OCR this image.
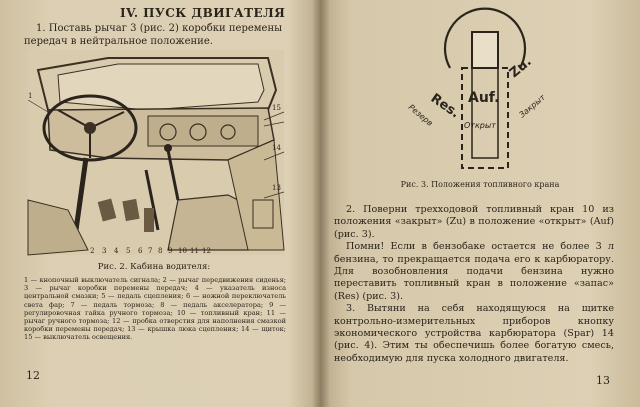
IV. ПУСК ДВИГАТЕЛЯ
1. Поставь рычаг 3 (рис. 2) коробки перемены передач в нейтральное положение.
1
2 3 4 5 6 7 8 9 10 11 12
13
14
15
Рис. 2. Кабина водителя:
1 — кнопочный выключатель сигнала; 2 — рычаг передвижения сиденья; 3 — рычаг коробки перемены передач; 4 — указатель износа центральной смазки; 5 — педаль сцепления; 6 — ножной переключатель света фар; 7 — педаль тормоза; 8 — педаль акселератора; 9 — регулировочная гайка ручного тормоза; 10 — топливный кран; 11 — рычаг ручного тормоза; 12 — пробка отверстия для наполнения смазкой коробки перемены передач; 13 — крышка люка сцепления; 14 — щиток; 15 — выключатель освещения.
12
Res. Auf.
Zu.
Резерв	Открыт
Закрыт
Рис. 3. Положения топливного крана

2. Поверни трехходовой топливный кран 10 из положения «закрыт» (Zu) в положение «открыт» (Auf) (рис. 3).

Помни! Если в бензобаке остается не более 3 л бензина, то прекращается подача его к карбюратору. Для возобновления подачи бензина нужно переставить топливный кран в положение «запас» (Res) (рис. 3).

3. Вытяни на себя находящуюся на щитке контрольно-измерительных приборов кнопку экономического устройства карбюратора (Spar) 14 (рис. 4). Этим ты обеспечишь более богатую смесь, необходимую для пуска холодного двигателя.

13
